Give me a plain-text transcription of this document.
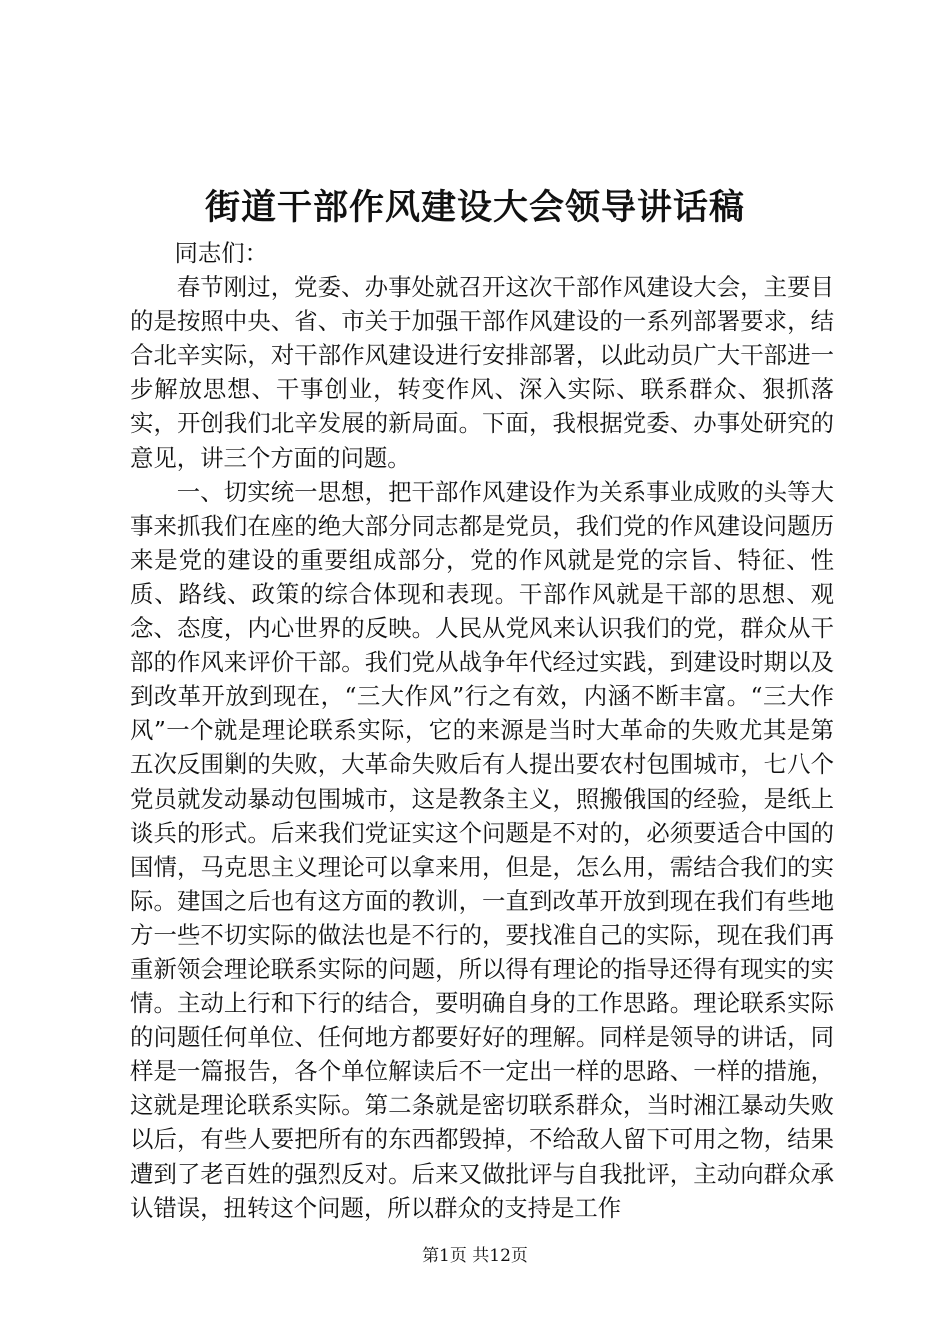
街道干部作风建设大会领导讲话稿

同志们：

春节刚过，党委、办事处就召开这次干部作风建设大会，主要目的是按照中央、省、市关于加强干部作风建设的一系列部署要求，结合北辛实际，对干部作风建设进行安排部署，以此动员广大干部进一步解放思想、干事创业，转变作风、深入实际、联系群众、狠抓落实，开创我们北辛发展的新局面。下面，我根据党委、办事处研究的意见，讲三个方面的问题。

一、切实统一思想，把干部作风建设作为关系事业成败的头等大事来抓我们在座的绝大部分同志都是党员，我们党的作风建设问题历来是党的建设的重要组成部分，党的作风就是党的宗旨、特征、性质、路线、政策的综合体现和表现。干部作风就是干部的思想、观念、态度，内心世界的反映。人民从党风来认识我们的党，群众从干部的作风来评价干部。我们党从战争年代经过实践，到建设时期以及到改革开放到现在，“三大作风”行之有效，内涵不断丰富。“三大作风”一个就是理论联系实际，它的来源是当时大革命的失败尤其是第五次反围剿的失败，大革命失败后有人提出要农村包围城市，七八个党员就发动暴动包围城市，这是教条主义，照搬俄国的经验，是纸上谈兵的形式。后来我们党证实这个问题是不对的，必须要适合中国的国情，马克思主义理论可以拿来用，但是，怎么用，需结合我们的实际。建国之后也有这方面的教训，一直到改革开放到现在我们有些地方一些不切实际的做法也是不行的，要找准自己的实际，现在我们再重新领会理论联系实际的问题，所以得有理论的指导还得有现实的实情。主动上行和下行的结合，要明确自身的工作思路。理论联系实际的问题任何单位、任何地方都要好好的理解。同样是领导的讲话，同样是一篇报告，各个单位解读后不一定出一样的思路、一样的措施，这就是理论联系实际。第二条就是密切联系群众，当时湘江暴动失败以后，有些人要把所有的东西都毁掉，不给敌人留下可用之物，结果遭到了老百姓的强烈反对。后来又做批评与自我批评，主动向群众承认错误，扭转这个问题，所以群众的支持是工作

第1页 共12页
